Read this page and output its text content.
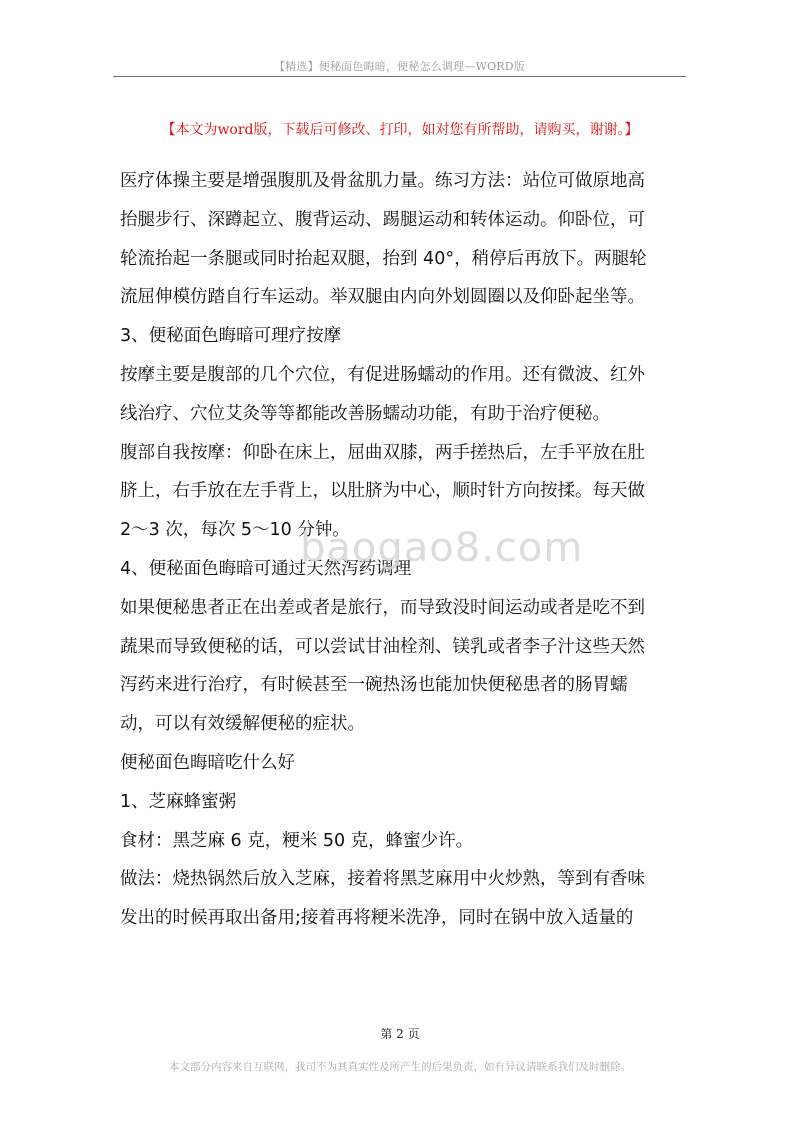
【精选】便秘面色晦暗，便秘怎么调理—WORD版
【本文为word版，下载后可修改、打印，如对您有所帮助，请购买，谢谢。】
医疗体操主要是增强腹肌及骨盆肌力量。练习方法：站位可做原地高
抬腿步行、深蹲起立、腹背运动、踢腿运动和转体运动。仰卧位，可
轮流抬起一条腿或同时抬起双腿，抬到 40°，稍停后再放下。两腿轮
流屈伸模仿踏自行车运动。举双腿由内向外划圆圈以及仰卧起坐等。
3、便秘面色晦暗可理疗按摩
按摩主要是腹部的几个穴位，有促进肠蠕动的作用。还有微波、红外
线治疗、穴位艾灸等等都能改善肠蠕动功能，有助于治疗便秘。
腹部自我按摩：仰卧在床上，屈曲双膝，两手搓热后，左手平放在肚
脐上，右手放在左手背上，以肚脐为中心，顺时针方向按揉。每天做
2～3 次，每次 5～10 分钟。
4、便秘面色晦暗可通过天然泻药调理
如果便秘患者正在出差或者是旅行，而导致没时间运动或者是吃不到
蔬果而导致便秘的话，可以尝试甘油栓剂、镁乳或者李子汁这些天然
泻药来进行治疗，有时候甚至一碗热汤也能加快便秘患者的肠胃蠕
动，可以有效缓解便秘的症状。
便秘面色晦暗吃什么好
1、芝麻蜂蜜粥
食材：黑芝麻 6 克，粳米 50 克，蜂蜜少许。
做法：烧热锅然后放入芝麻，接着将黑芝麻用中火炒熟，等到有香味
发出的时候再取出备用;接着再将粳米洗净，同时在锅中放入适量的
baogao8.com
第 2 页
本文部分内容来自互联网，我司不为其真实性及所产生的后果负责，如有异议请联系我们及时删除。
